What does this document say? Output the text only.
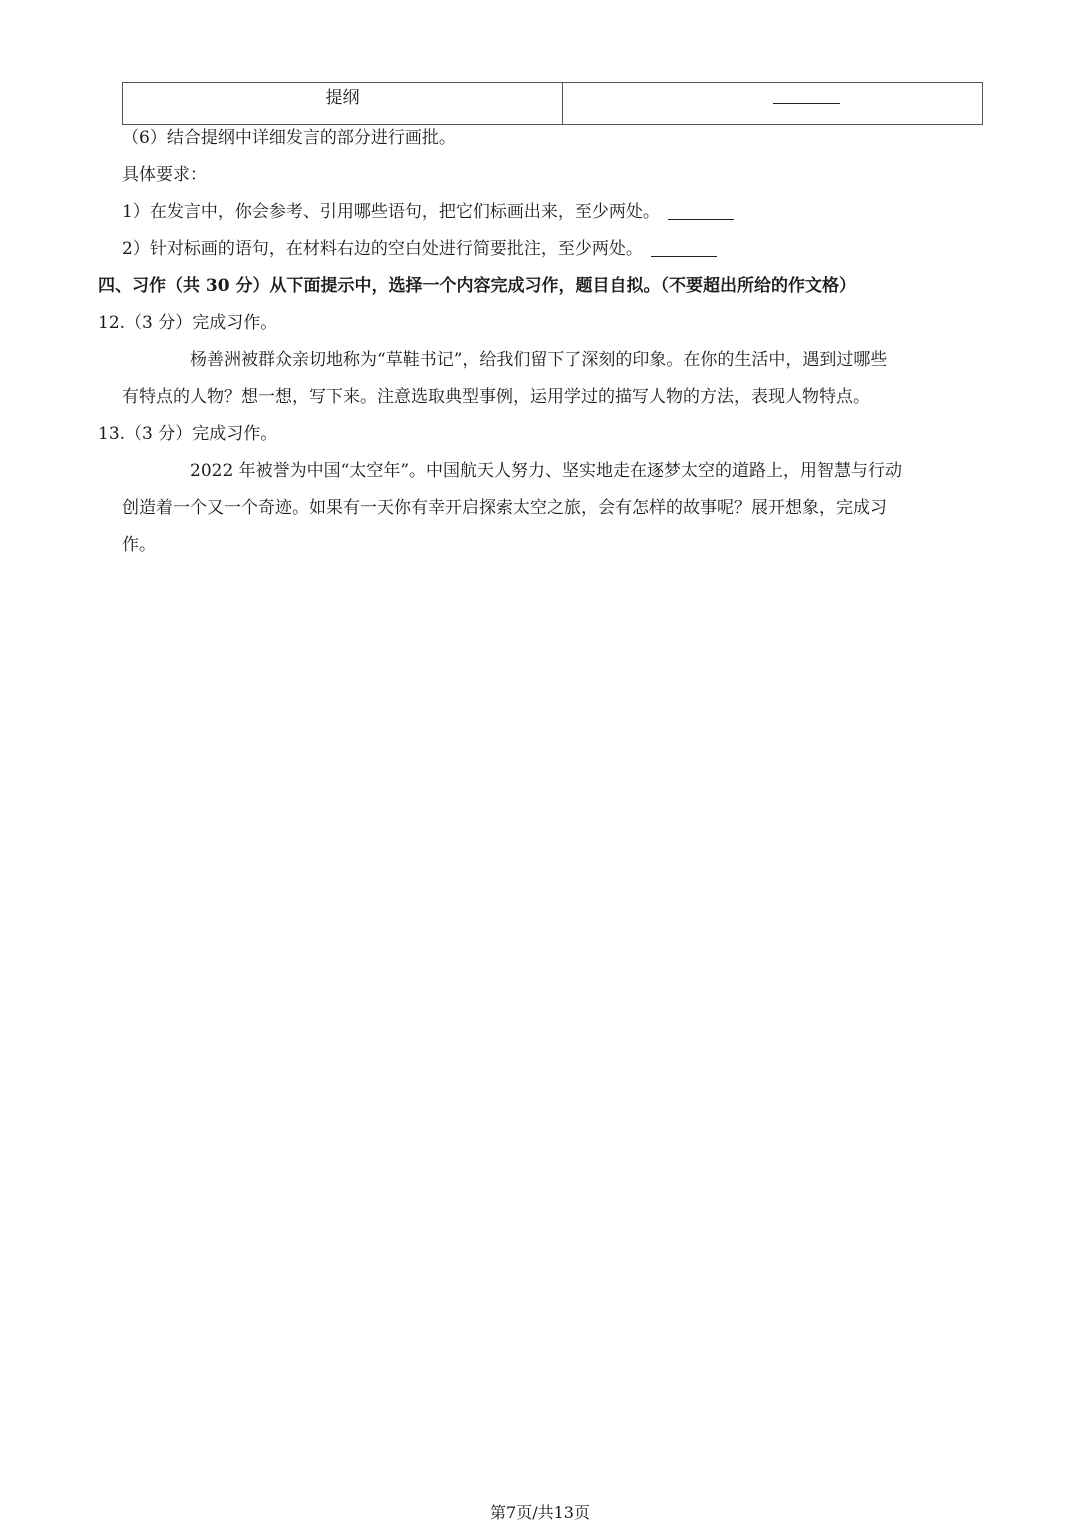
提纲
（6）结合提纲中详细发言的部分进行画批。
具体要求：
1）在发言中，你会参考、引用哪些语句，把它们标画出来，至少两处。
2）针对标画的语句，在材料右边的空白处进行简要批注，至少两处。
四、习作（共 30 分）从下面提示中，选择一个内容完成习作，题目自拟。（不要超出所给的作文格）
12.（3 分）完成习作。
杨善洲被群众亲切地称为“草鞋书记”，给我们留下了深刻的印象。在你的生活中，遇到过哪些
有特点的人物？想一想，写下来。注意选取典型事例，运用学过的描写人物的方法，表现人物特点。
13.（3 分）完成习作。
2022 年被誉为中国“太空年”。中国航天人努力、坚实地走在逐梦太空的道路上，用智慧与行动
创造着一个又一个奇迹。如果有一天你有幸开启探索太空之旅，会有怎样的故事呢？展开想象，完成习
作。
第7页/共13页
